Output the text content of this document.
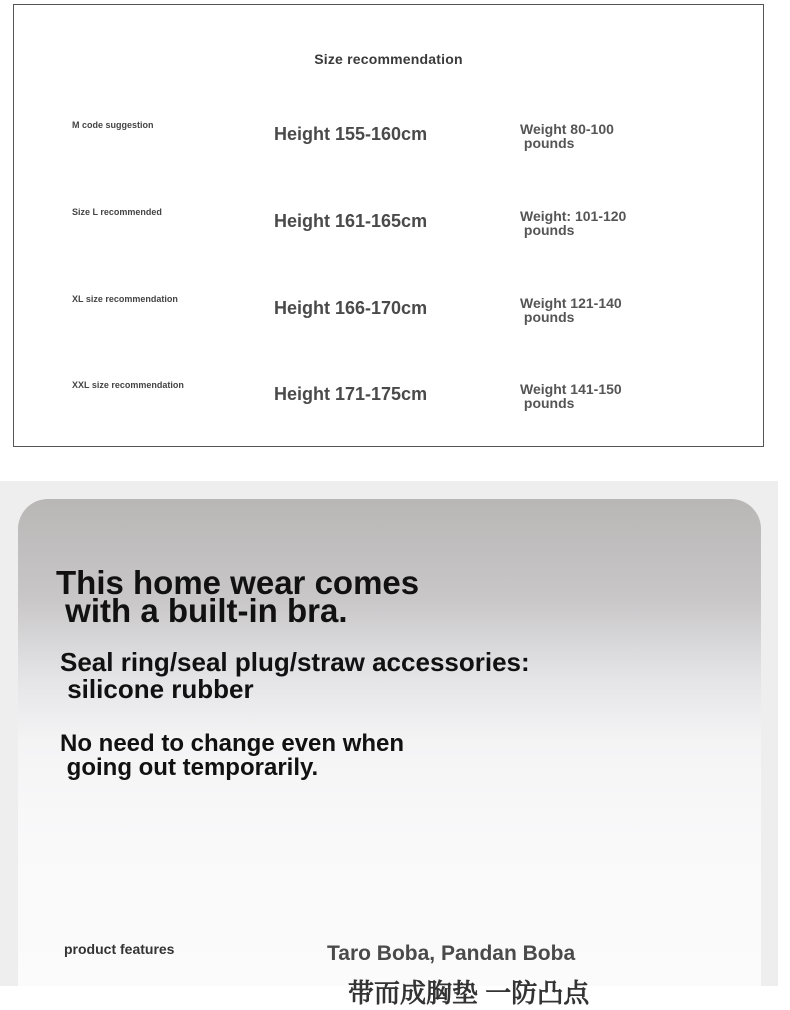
Size recommendation
M code suggestion	Height 155-160cm	Weight 80-100
pounds
Size L recommended	Height 161-165cm	Weight: 101-120
pounds
XL size recommendation	Height 166-170cm	Weight 121-140
pounds
XXL size recommendation	Height 171-175cm	Weight 141-150
pounds
This home wear comes
with a built-in bra.
Seal ring/seal plug/straw accessories:
silicone rubber
No need to change even when
going out temporarily.
product features	Taro Boba, Pandan Boba
带而成胸垫 一防凸点
